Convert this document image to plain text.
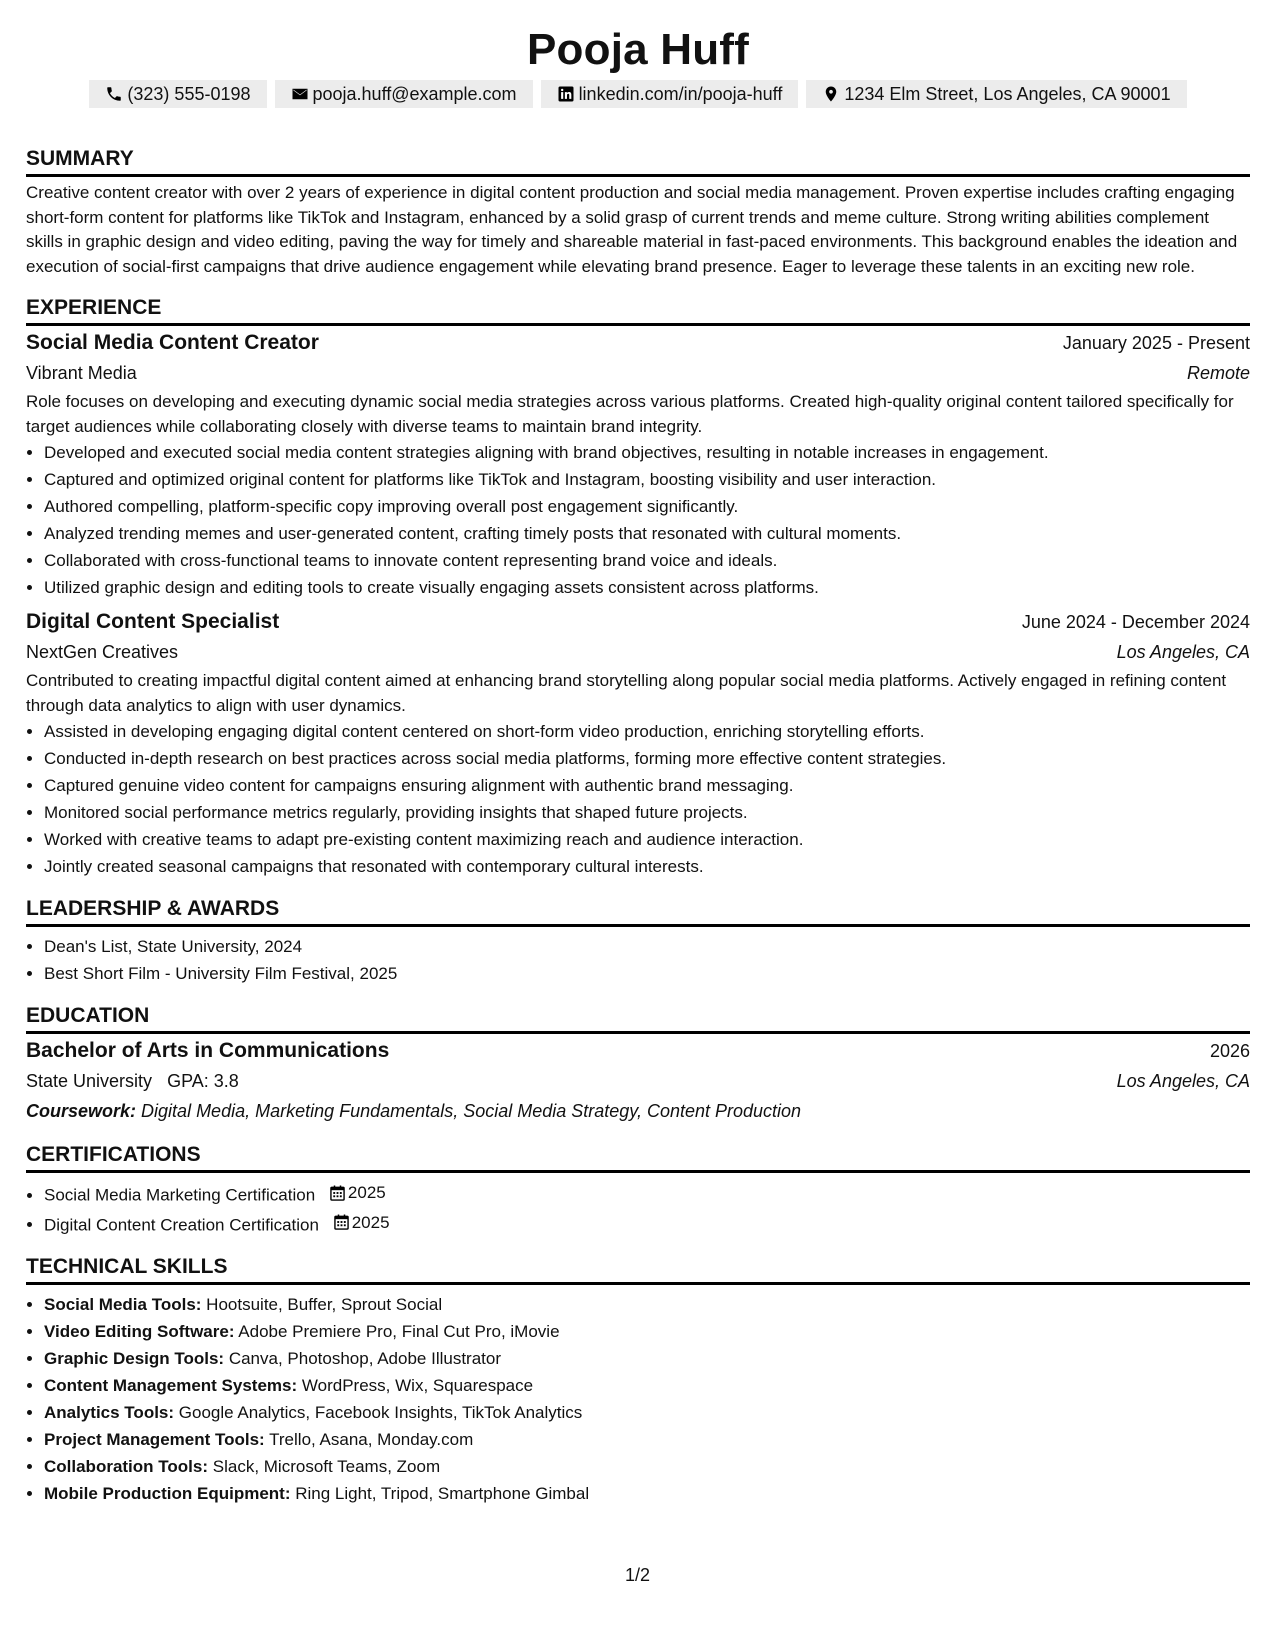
Pooja Huff
(323) 555-0198	pooja.huff@example.com	linkedin.com/in/pooja-huff	1234 Elm Street, Los Angeles, CA 90001
SUMMARY

Creative content creator with over 2 years of experience in digital content production and social media management. Proven expertise includes crafting engaging short-form content for platforms like TikTok and Instagram, enhanced by a solid grasp of current trends and meme culture. Strong writing abilities complement skills in graphic design and video editing, paving the way for timely and shareable material in fast-paced environments. This background enables the ideation and execution of social-first campaigns that drive audience engagement while elevating brand presence. Eager to leverage these talents in an exciting new role.

EXPERIENCE
Social Media Content Creator	January 2025 - Present
Vibrant Media	Remote

Role focuses on developing and executing dynamic social media strategies across various platforms. Created high-quality original content tailored specifically for target audiences while collaborating closely with diverse teams to maintain brand integrity.

• Developed and executed social media content strategies aligning with brand objectives, resulting in notable increases in engagement.
• Captured and optimized original content for platforms like TikTok and Instagram, boosting visibility and user interaction.
• Authored compelling, platform-specific copy improving overall post engagement significantly.
• Analyzed trending memes and user-generated content, crafting timely posts that resonated with cultural moments.
• Collaborated with cross-functional teams to innovate content representing brand voice and ideals.
• Utilized graphic design and editing tools to create visually engaging assets consistent across platforms.
Digital Content Specialist	June 2024 - December 2024
NextGen Creatives	Los Angeles, CA

Contributed to creating impactful digital content aimed at enhancing brand storytelling along popular social media platforms. Actively engaged in refining content through data analytics to align with user dynamics.

• Assisted in developing engaging digital content centered on short-form video production, enriching storytelling efforts.
• Conducted in-depth research on best practices across social media platforms, forming more effective content strategies.
• Captured genuine video content for campaigns ensuring alignment with authentic brand messaging.
• Monitored social performance metrics regularly, providing insights that shaped future projects.
• Worked with creative teams to adapt pre-existing content maximizing reach and audience interaction.
• Jointly created seasonal campaigns that resonated with contemporary cultural interests.
LEADERSHIP & AWARDS
• Dean's List, State University, 2024
• Best Short Film - University Film Festival, 2025
EDUCATION
Bachelor of Arts in Communications	2026
State University GPA: 3.8	Los Angeles, CA
Coursework: Digital Media, Marketing Fundamentals, Social Media Strategy, Content Production
CERTIFICATIONS
• Social Media Marketing Certification 2025
• Digital Content Creation Certification 2025
TECHNICAL SKILLS
• Social Media Tools: Hootsuite, Buffer, Sprout Social
• Video Editing Software: Adobe Premiere Pro, Final Cut Pro, iMovie
• Graphic Design Tools: Canva, Photoshop, Adobe Illustrator
• Content Management Systems: WordPress, Wix, Squarespace
• Analytics Tools: Google Analytics, Facebook Insights, TikTok Analytics
• Project Management Tools: Trello, Asana, Monday.com
• Collaboration Tools: Slack, Microsoft Teams, Zoom
• Mobile Production Equipment: Ring Light, Tripod, Smartphone Gimbal
1/2
